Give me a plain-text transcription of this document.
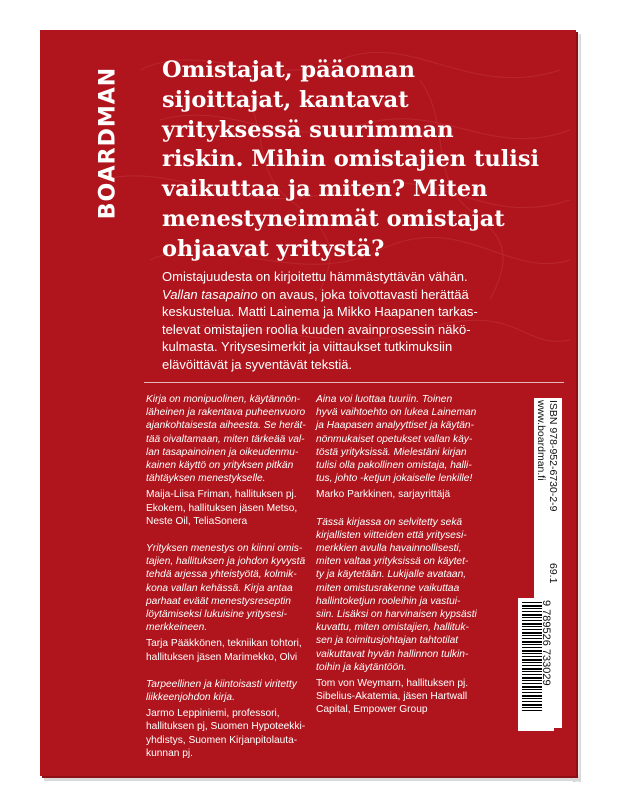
BOARDMAN Omistajat, pääoman
sijoittajat, kantavat
yrityksessä suurimman
riskin. Mihin omistajien tulisi
vaikuttaa ja miten? Miten
menestyneimmät omistajat
ohjaavat yritystä?
Omistajuudesta on kirjoitettu hämmästyttävän vähän.
Vallan tasapaino on avaus, joka toivottavasti herättää
keskustelua. Matti Lainema ja Mikko Haapanen tarkas-
televat omistajien roolia kuuden avainprosessin näkö-
kulmasta. Yritysesimerkit ja viittaukset tutkimuksiin
elävöittävät ja syventävät tekstiä.
Kirja on monipuolinen, käytännön-
läheinen ja rakentava puheenvuoro
ajankohtaisesta aiheesta. Se herät-
tää oivaltamaan, miten tärkeää val-
lan tasapainoinen ja oikeudenmu-
kainen käyttö on yrityksen pitkän
tähtäyksen menestykselle.
Maija-Liisa Friman, hallituksen pj.
Ekokem, hallituksen jäsen Metso,
Neste Oil, TeliaSonera
Yrityksen menestys on kiinni omis-
tajien, hallituksen ja johdon kyvystä
tehdä arjessa yhteistyötä, kolmik-
kona vallan kehässä. Kirja antaa
parhaat eväät menestysreseptin
löytämiseksi lukuisine yritysesi-
merkkeineen.
Tarja Pääkkönen, tekniikan tohtori,
hallituksen jäsen Marimekko, Olvi
Tarpeellinen ja kiintoisasti viritetty
liikkeenjohdon kirja.
Jarmo Leppiniemi, professori,
hallituksen pj, Suomen Hypoteekki-
yhdistys, Suomen Kirjanpitolauta-
kunnan pj.
Aina voi luottaa tuuriin. Toinen
hyvä vaihtoehto on lukea Laineman
ja Haapasen analyyttiset ja käytän-
nönmukaiset opetukset vallan käy-
töstä yrityksissä. Mielestäni kirjan
tulisi olla pakollinen omistaja, halli-
tus, johto -ketjun jokaiselle lenkille!
Marko Parkkinen, sarjayrittäjä
Tässä kirjassa on selvitetty sekä
kirjallisten viitteiden että yritysesi-
merkkien avulla havainnollisesti,
miten valtaa yrityksissä on käytet-
ty ja käytetään. Lukijalle avataan,
miten omistusrakenne vaikuttaa
hallintoketjun rooleihin ja vastui-
siin. Lisäksi on harvinaisen kypsästi
kuvattu, miten omistajien, hallituk-
sen ja toimitusjohtajan tahtotilat
vaikuttavat hyvän hallinnon tulkin-
toihin ja käytäntöön.
Tom von Weymarn, hallituksen pj.
Sibelius-Akatemia, jäsen Hartwall
Capital, Empower Group
ISBN 978-952-6730-2-9
www.boardman.fi
69.1
9 789526 733029
